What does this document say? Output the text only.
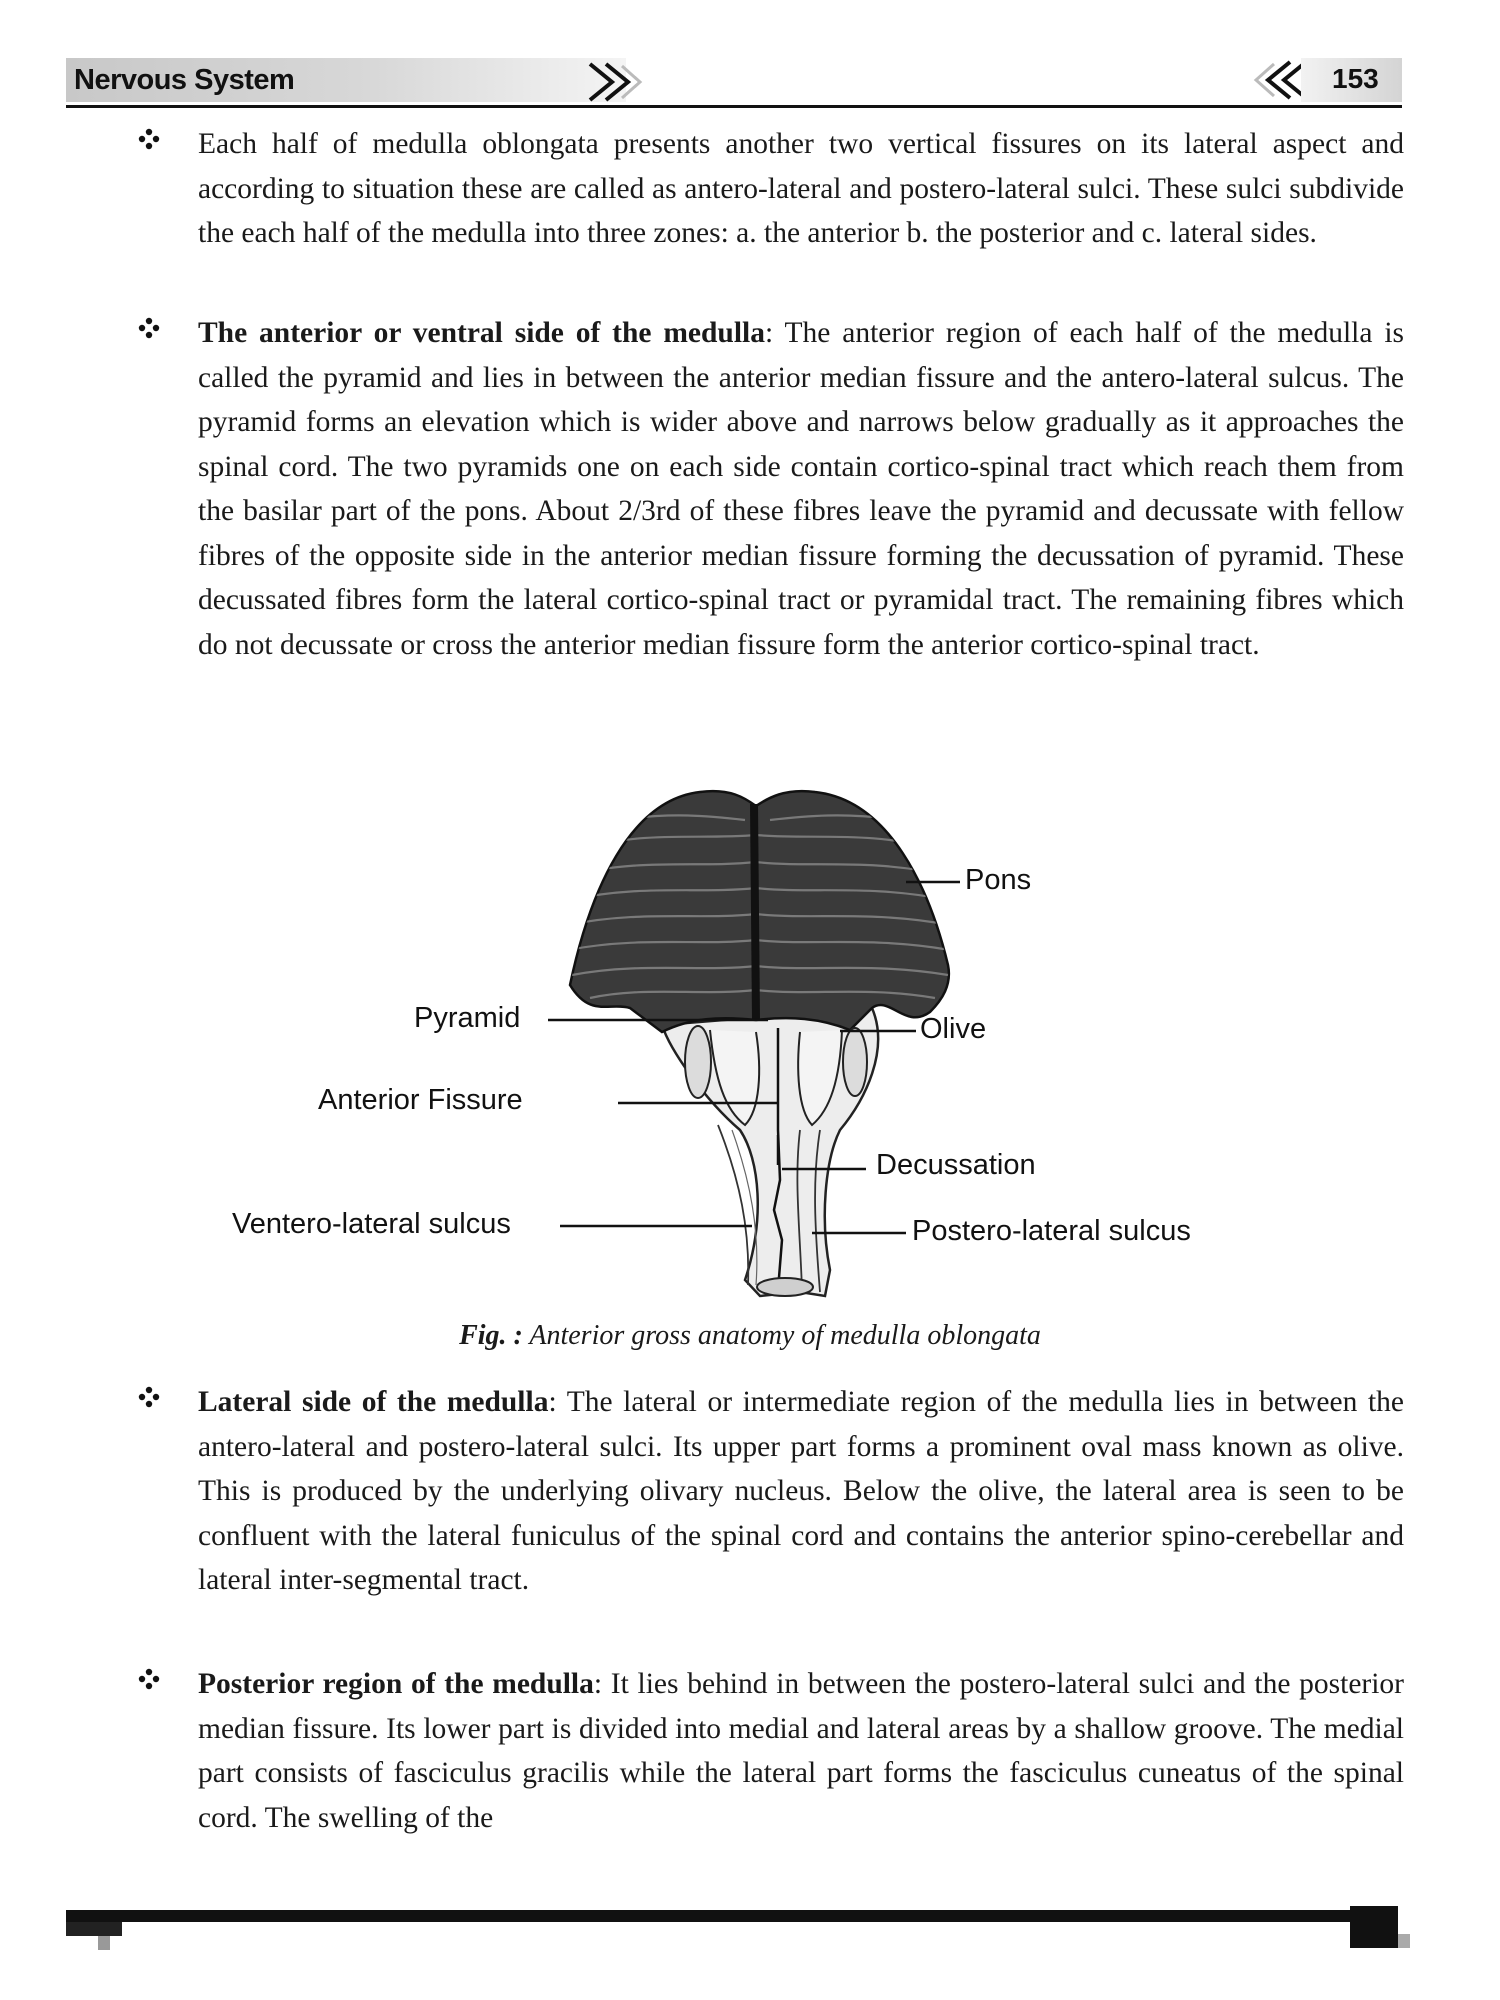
Nervous System	153

Each half of medulla oblongata presents another two vertical fissures on its lateral aspect and according to situation these are called as antero-lateral and postero-lateral sulci. These sulci subdivide the each half of the medulla into three zones: a. the anterior b. the posterior and c. lateral sides.

The anterior or ventral side of the medulla: The anterior region of each half of the medulla is called the pyramid and lies in between the anterior median fissure and the antero-lateral sulcus. The pyramid forms an elevation which is wider above and narrows below gradually as it approaches the spinal cord. The two pyramids one on each side contain cortico-spinal tract which reach them from the basilar part of the pons. About 2/3rd of these fibres leave the pyramid and decussate with fellow fibres of the opposite side in the anterior median fissure forming the decussation of pyramid. These decussated fibres form the lateral cortico-spinal tract or pyramidal tract. The remaining fibres which do not decussate or cross the anterior median fissure form the anterior cortico-spinal tract.

Pons
Pyramid	Olive
Anterior Fissure
Decussation
Ventero-lateral sulcus	Postero-lateral sulcus
Fig. : Anterior gross anatomy of medulla oblongata

Lateral side of the medulla: The lateral or intermediate region of the medulla lies in between the antero-lateral and postero-lateral sulci. Its upper part forms a prominent oval mass known as olive. This is produced by the underlying olivary nucleus. Below the olive, the lateral area is seen to be confluent with the lateral funiculus of the spinal cord and contains the anterior spino-cerebellar and lateral inter-segmental tract.

Posterior region of the medulla: It lies behind in between the postero-lateral sulci and the posterior median fissure. Its lower part is divided into medial and lateral areas by a shallow groove. The medial part consists of fasciculus gracilis while the lateral part forms the fasciculus cuneatus of the spinal cord. The swelling of the
